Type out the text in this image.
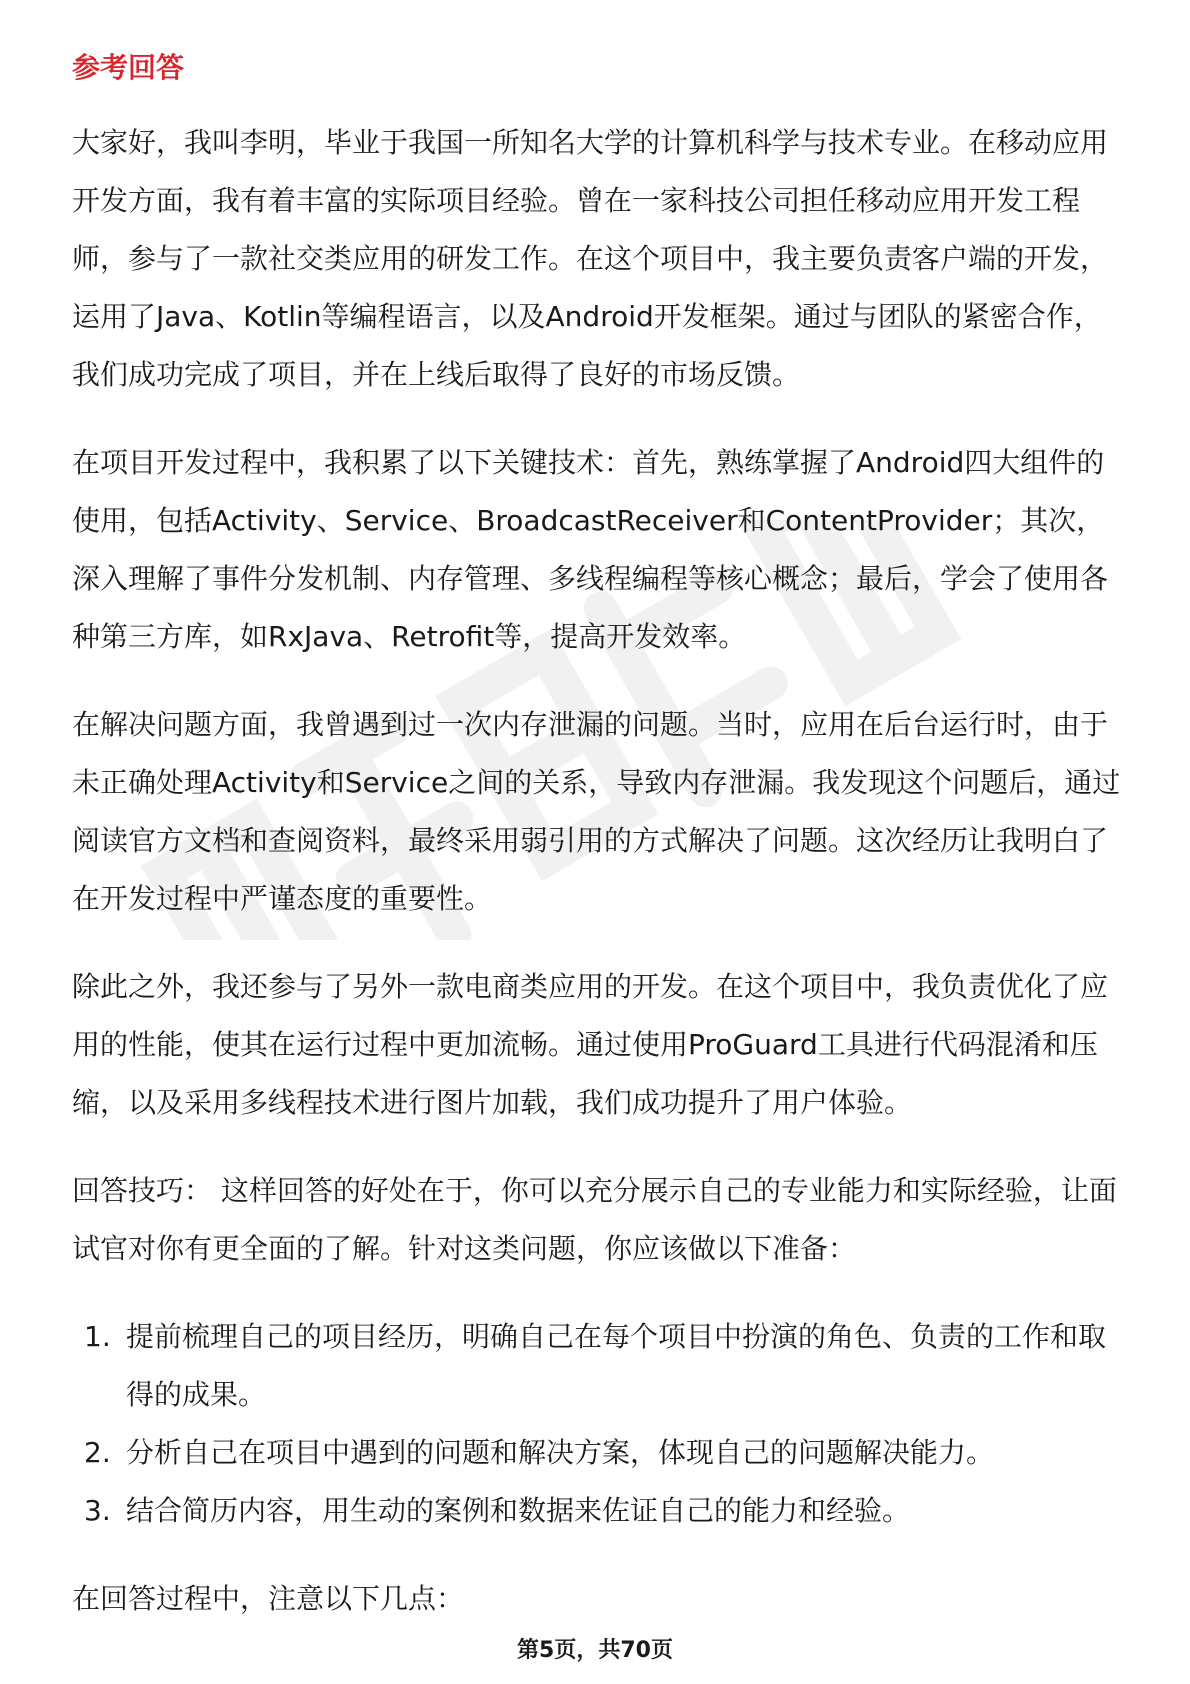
参考回答

大家好，我叫李明，毕业于我国一所知名大学的计算机科学与技术专业。在移动应用开发方面，我有着丰富的实际项目经验。曾在一家科技公司担任移动应用开发工程师，参与了一款社交类应用的研发工作。在这个项目中，我主要负责客户端的开发，运用了Java、Kotlin等编程语言，以及Android开发框架。通过与团队的紧密合作，我们成功完成了项目，并在上线后取得了良好的市场反馈。

在项目开发过程中，我积累了以下关键技术：首先，熟练掌握了Android四大组件的使用，包括Activity、Service、BroadcastReceiver和ContentProvider；其次，深入理解了事件分发机制、内存管理、多线程编程等核心概念；最后，学会了使用各种第三方库，如RxJava、Retrofit等，提高开发效率。

在解决问题方面，我曾遇到过一次内存泄漏的问题。当时，应用在后台运行时，由于未正确处理Activity和Service之间的关系，导致内存泄漏。我发现这个问题后，通过阅读官方文档和查阅资料，最终采用弱引用的方式解决了问题。这次经历让我明白了在开发过程中严谨态度的重要性。

除此之外，我还参与了另外一款电商类应用的开发。在这个项目中，我负责优化了应用的性能，使其在运行过程中更加流畅。通过使用ProGuard工具进行代码混淆和压缩，以及采用多线程技术进行图片加载，我们成功提升了用户体验。

回答技巧： 这样回答的好处在于，你可以充分展示自己的专业能力和实际经验，让面试官对你有更全面的了解。针对这类问题，你应该做以下准备：

1. 提前梳理自己的项目经历，明确自己在每个项目中扮演的角色、负责的工作和取得的成果。
2. 分析自己在项目中遇到的问题和解决方案，体现自己的问题解决能力。
3. 结合简历内容，用生动的案例和数据来佐证自己的能力和经验。

在回答过程中，注意以下几点：

第5页，共70页
